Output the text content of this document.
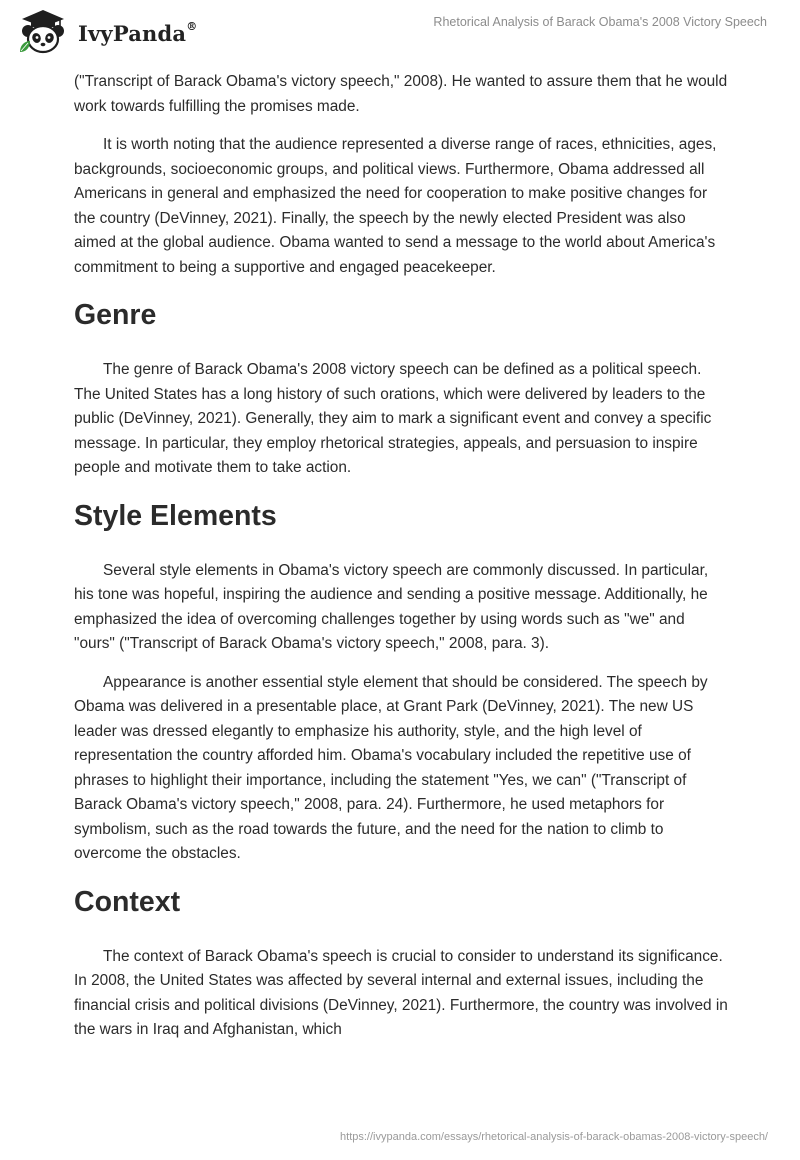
IvyPanda®	Rhetorical Analysis of Barack Obama's 2008 Victory Speech

("Transcript of Barack Obama's victory speech," 2008). He wanted to assure them that he would work towards fulfilling the promises made.

It is worth noting that the audience represented a diverse range of races, ethnicities, ages, backgrounds, socioeconomic groups, and political views. Furthermore, Obama addressed all Americans in general and emphasized the need for cooperation to make positive changes for the country (DeVinney, 2021). Finally, the speech by the newly elected President was also aimed at the global audience. Obama wanted to send a message to the world about America's commitment to being a supportive and engaged peacekeeper.

Genre

The genre of Barack Obama's 2008 victory speech can be defined as a political speech. The United States has a long history of such orations, which were delivered by leaders to the public (DeVinney, 2021). Generally, they aim to mark a significant event and convey a specific message. In particular, they employ rhetorical strategies, appeals, and persuasion to inspire people and motivate them to take action.

Style Elements

Several style elements in Obama's victory speech are commonly discussed. In particular, his tone was hopeful, inspiring the audience and sending a positive message. Additionally, he emphasized the idea of overcoming challenges together by using words such as "we" and "ours" ("Transcript of Barack Obama's victory speech," 2008, para. 3).

Appearance is another essential style element that should be considered. The speech by Obama was delivered in a presentable place, at Grant Park (DeVinney, 2021). The new US leader was dressed elegantly to emphasize his authority, style, and the high level of representation the country afforded him. Obama's vocabulary included the repetitive use of phrases to highlight their importance, including the statement "Yes, we can" ("Transcript of Barack Obama's victory speech," 2008, para. 24). Furthermore, he used metaphors for symbolism, such as the road towards the future, and the need for the nation to climb to overcome the obstacles.

Context

The context of Barack Obama's speech is crucial to consider to understand its significance. In 2008, the United States was affected by several internal and external issues, including the financial crisis and political divisions (DeVinney, 2021). Furthermore, the country was involved in the wars in Iraq and Afghanistan, which

https://ivypanda.com/essays/rhetorical-analysis-of-barack-obamas-2008-victory-speech/
